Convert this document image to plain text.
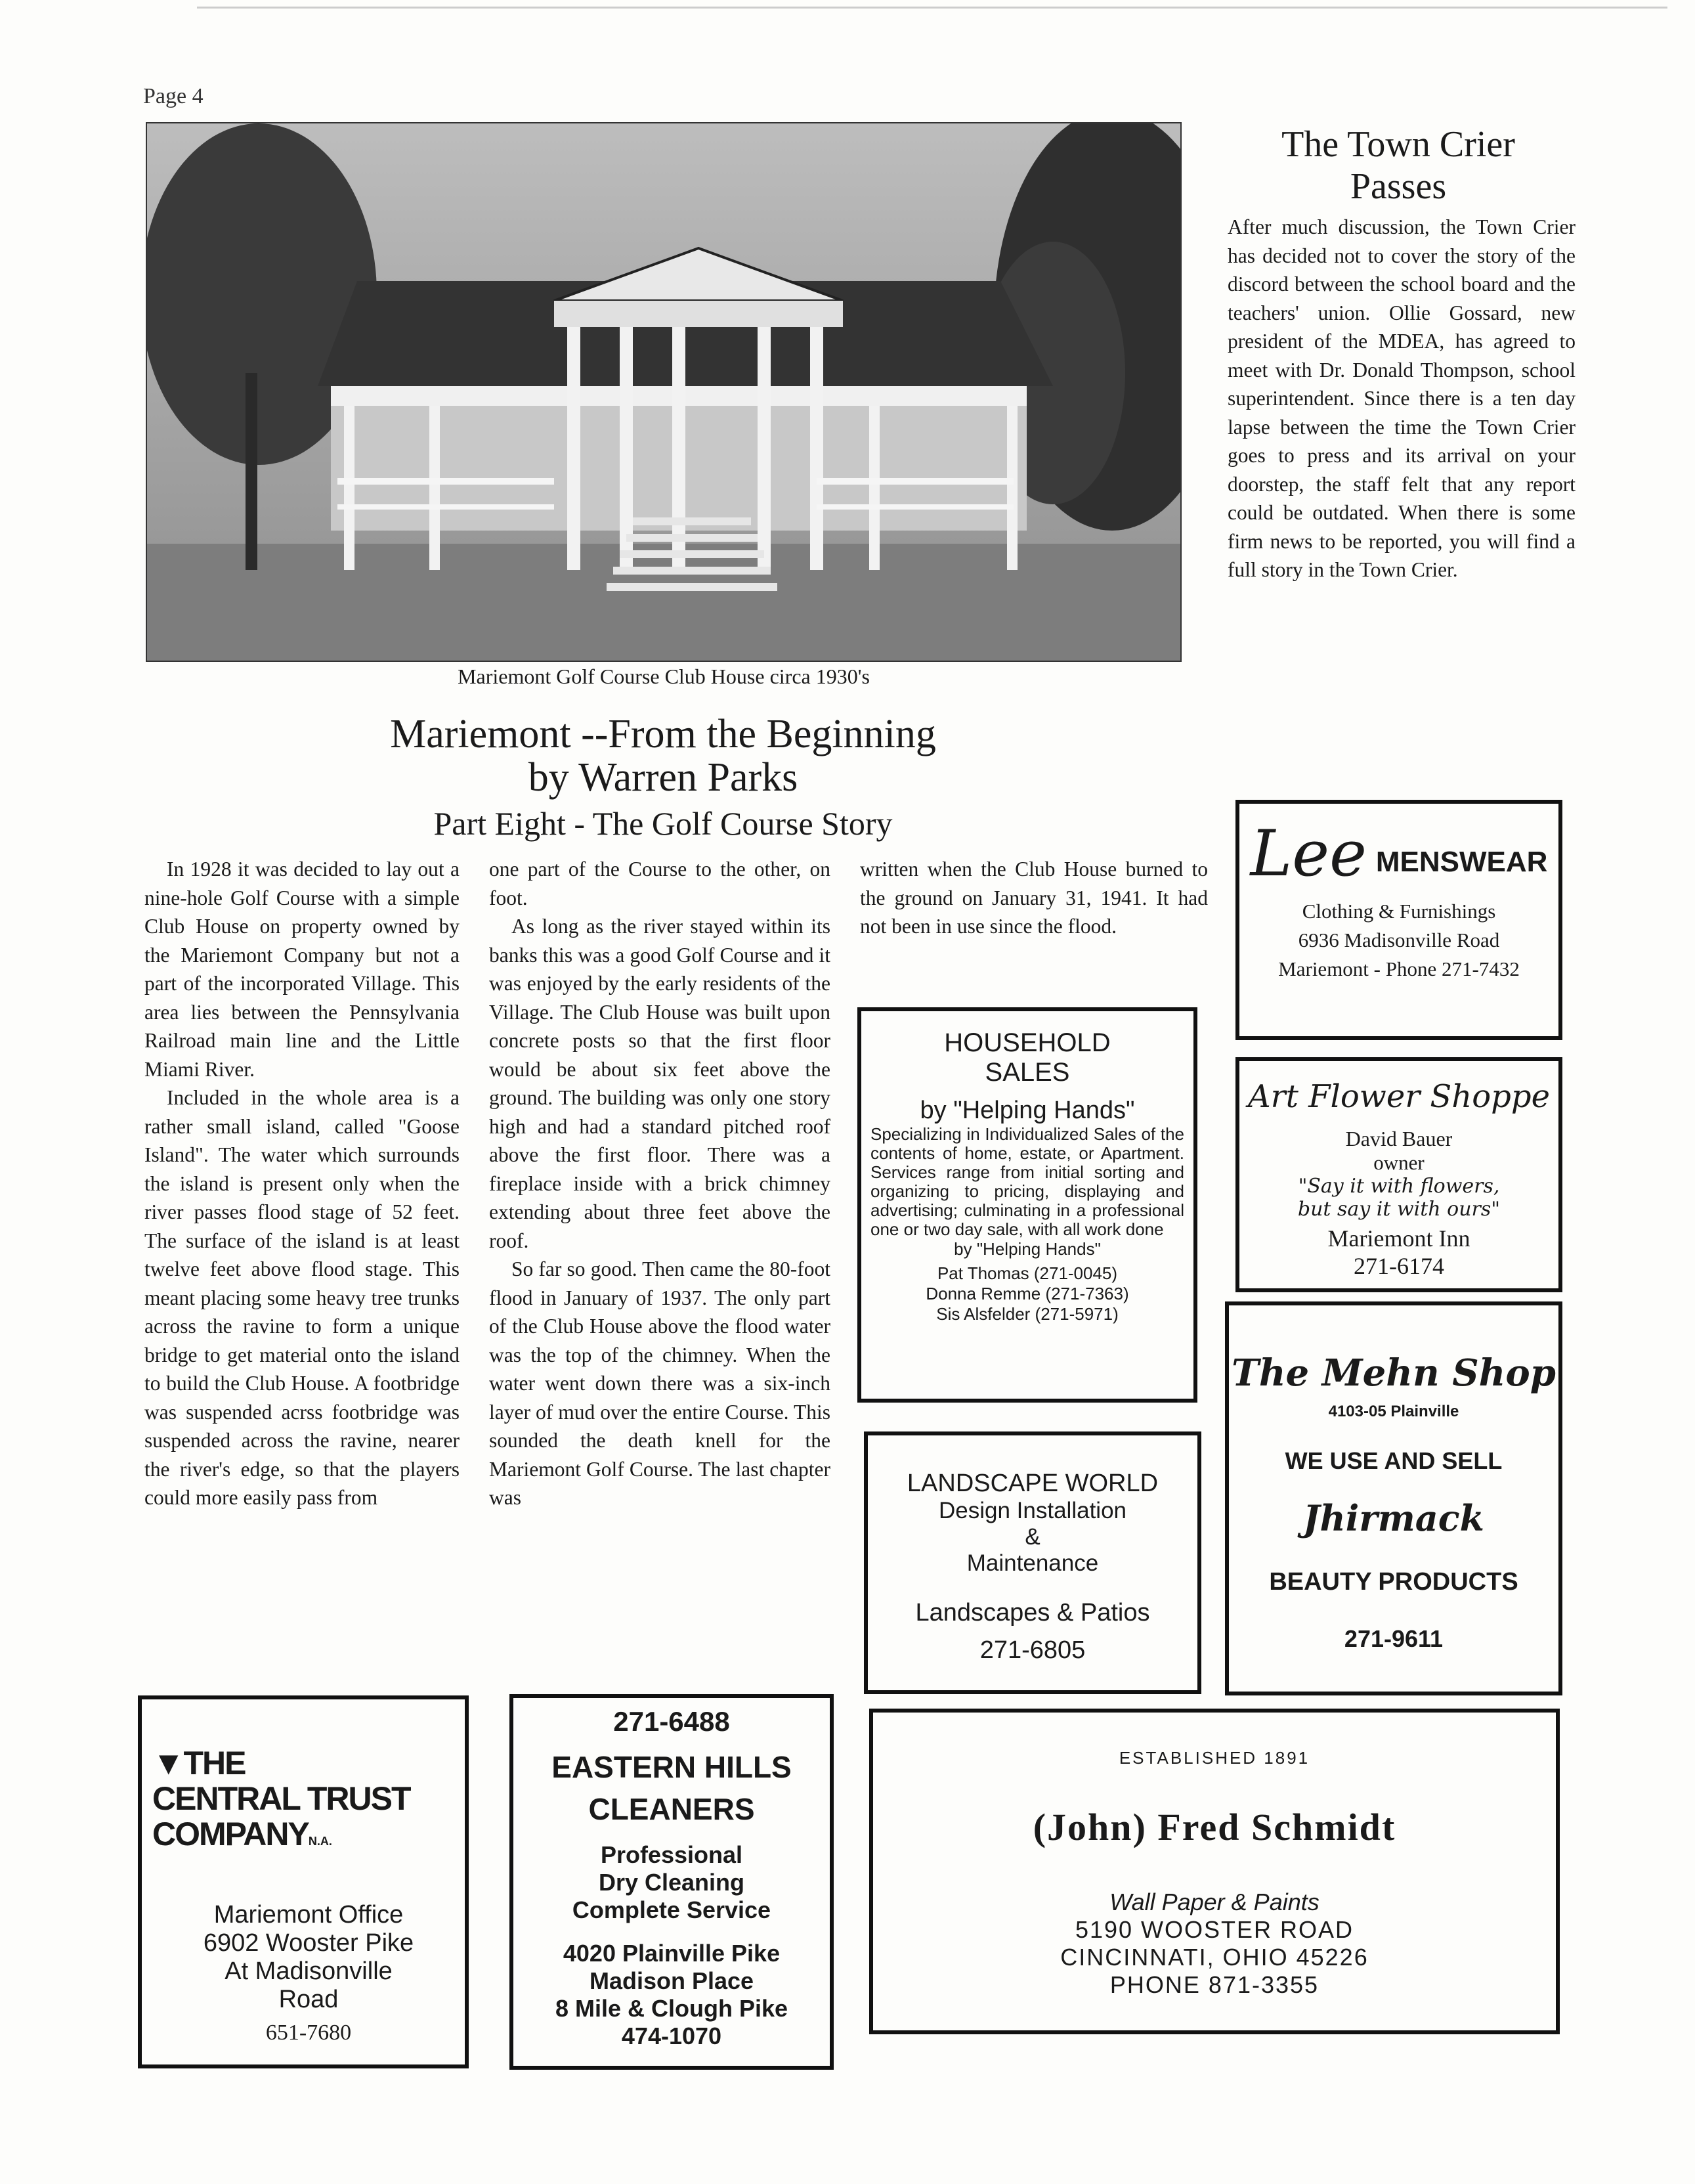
Page 4
Mariemont Golf Course Club House circa 1930's
The Town Crier
Passes
After much discussion, the Town Crier has decided not to cover the story of the discord between the school board and the teachers' union. Ollie Gossard, new president of the MDEA, has agreed to meet with Dr. Donald Thompson, school superintendent. Since there is a ten day lapse between the time the Town Crier goes to press and its arrival on your doorstep, the staff felt that any report could be outdated. When there is some firm news to be reported, you will find a full story in the Town Crier.
Mariemont --From the Beginning
by Warren Parks
Part Eight - The Golf Course Story

In 1928 it was decided to lay out a nine-hole Golf Course with a simple Club House on property owned by the Mariemont Company but not a part of the incorporated Village. This area lies between the Pennsylvania Railroad main line and the Little Miami River.

Included in the whole area is a rather small island, called "Goose Island". The water which surrounds the island is present only when the river passes flood stage of 52 feet. The surface of the island is at least twelve feet above flood stage. This meant placing some heavy tree trunks across the ravine to form a unique bridge to get material onto the island to build the Club House. A footbridge was suspended acrss footbridge was suspended across the ravine, nearer the river's edge, so that the players could more easily pass from

one part of the Course to the other, on foot.

As long as the river stayed within its banks this was a good Golf Course and it was enjoyed by the early residents of the Village. The Club House was built upon concrete posts so that the first floor would be about six feet above the ground. The building was only one story high and had a standard pitched roof above the first floor. There was a fireplace inside with a brick chimney extending about three feet above the roof.

So far so good. Then came the 80-foot flood in January of 1937. The only part of the Club House above the flood water was the top of the chimney. When the water went down there was a six-inch layer of mud over the entire Course. This sounded the death knell for the Mariemont Golf Course. The last chapter was

written when the Club House burned to the ground on January 31, 1941. It had not been in use since the flood.
Lee MENSWEAR
Clothing & Furnishings
6936 Madisonville Road
Mariemont - Phone 271-7432
Art Flower Shoppe
David Bauer
owner
"Say it with flowers,
but say it with ours"
Mariemont Inn
271-6174
The Mehn Shop
4103-05 Plainville
WE USE AND SELL
Jhirmack
BEAUTY PRODUCTS
271-9611
HOUSEHOLD
SALES
by "Helping Hands"
Specializing in Individualized Sales of the contents of home, estate, or Apartment. Services range from initial sorting and organizing to pricing, displaying and advertising; culminating in a professional one or two day sale, with all work done
by "Helping Hands"
Pat Thomas (271-0045)
Donna Remme (271-7363)
Sis Alsfelder (271-5971)
LANDSCAPE WORLD
Design Installation
&
Maintenance
Landscapes & Patios
271-6805
▼THE
CENTRAL TRUST
COMPANYN.A.
Mariemont Office
6902 Wooster Pike
At Madisonville
Road
651-7680
271-6488
EASTERN HILLS
CLEANERS
Professional
Dry Cleaning
Complete Service
4020 Plainville Pike
Madison Place
8 Mile & Clough Pike
474-1070
ESTABLISHED 1891
(John) Fred Schmidt
Wall Paper & Paints
5190 WOOSTER ROAD
CINCINNATI, OHIO 45226
PHONE 871-3355
